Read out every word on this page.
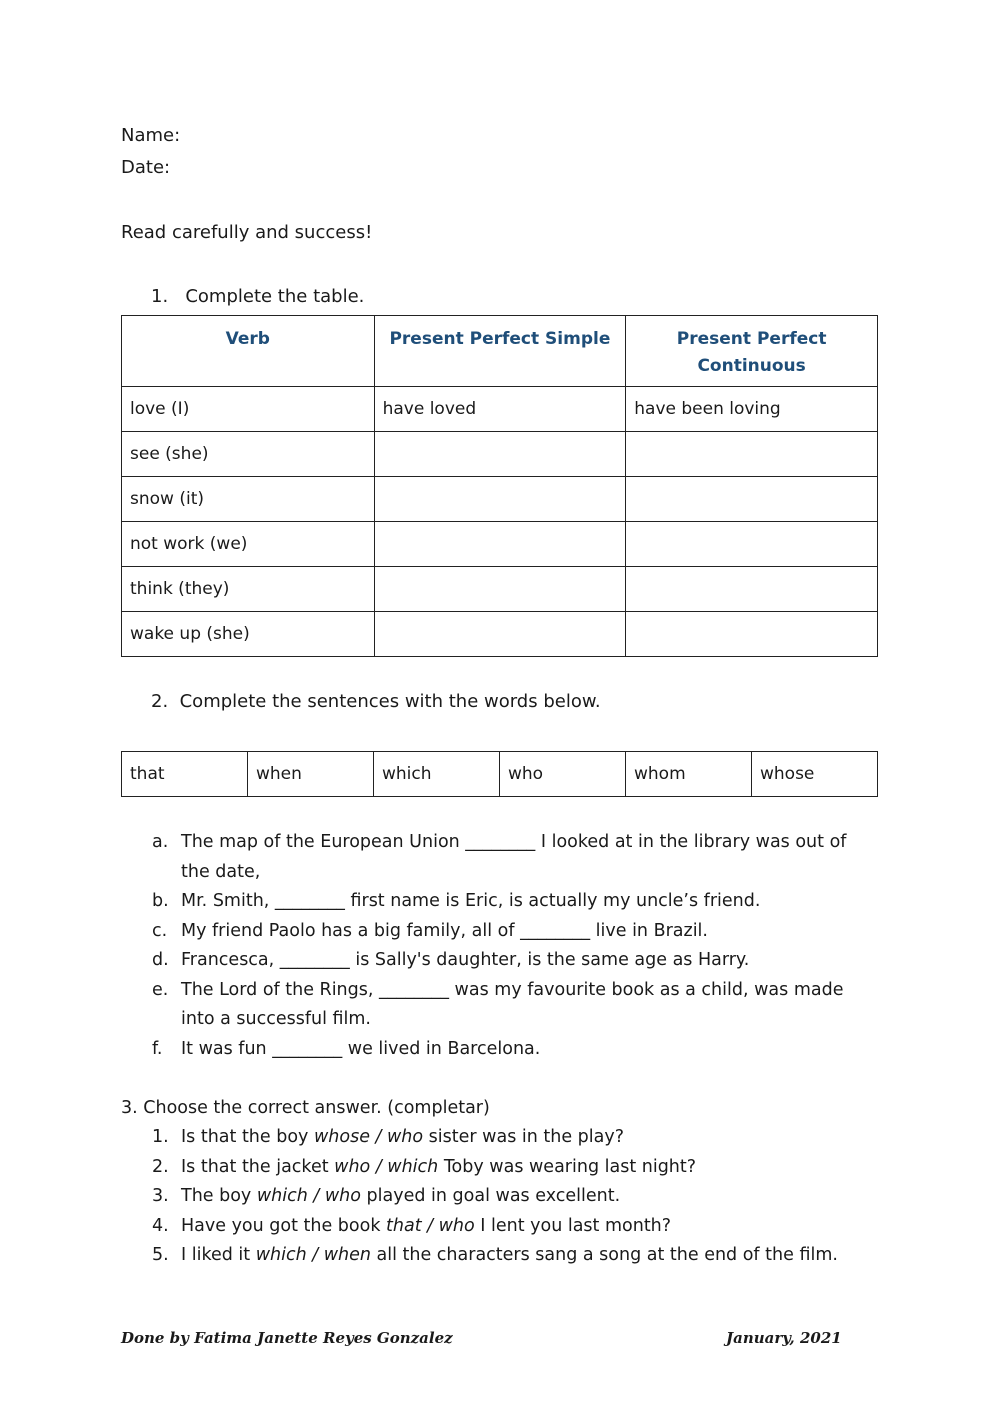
Name:
Date:
Read carefully and success!
1.   Complete the table.
Verb	Present Perfect Simple	Present Perfect
Continuous

love (I)	have loved	have been loving
see (she)		
snow (it)		
not work (we)		
think (they)		
wake up (she)		
2.  Complete the sentences with the words below.
that	when	which	who	whom	whose
a. The map of the European Union ________ I looked at in the library was out of
the date,
b. Mr. Smith, ________ first name is Eric, is actually my uncle’s friend.
c. My friend Paolo has a big family, all of ________ live in Brazil.
d. Francesca, ________ is Sally's daughter, is the same age as Harry.
e. The Lord of the Rings, ________ was my favourite book as a child, was made
into a successful film.
f. It was fun ________ we lived in Barcelona.
3. Choose the correct answer. (completar)
1. Is that the boy whose / who sister was in the play?
2. Is that the jacket who / which Toby was wearing last night?
3. The boy which / who played in goal was excellent.
4. Have you got the book that / who I lent you last month?
5. I liked it which / when all the characters sang a song at the end of the film.
Done by Fatima Janette Reyes Gonzalez	January, 2021
